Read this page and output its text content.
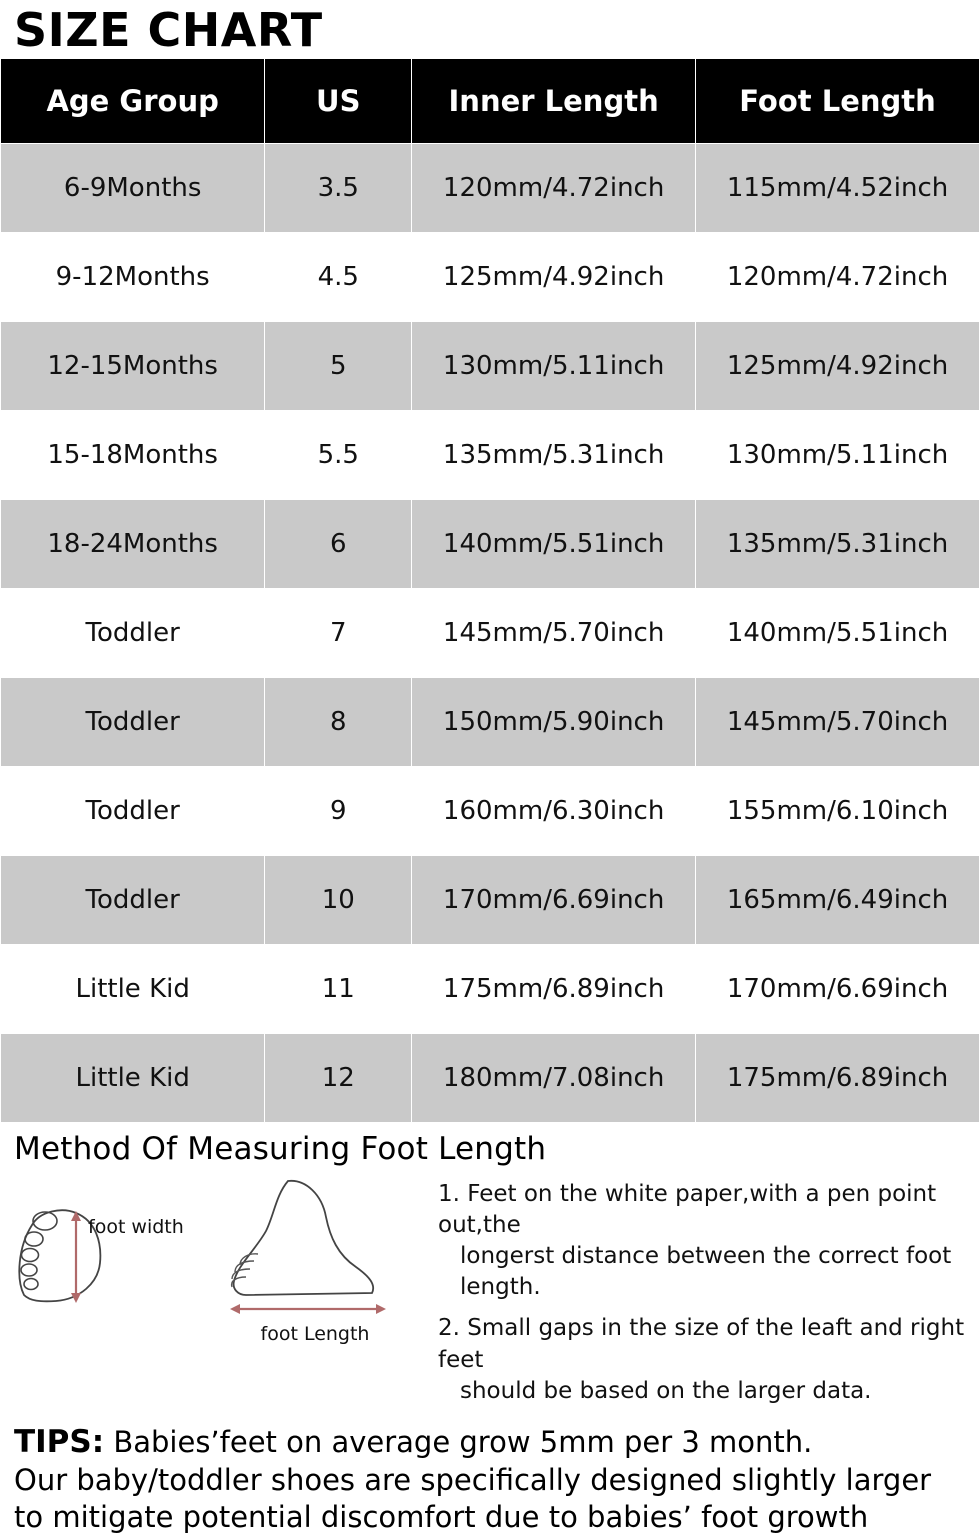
SIZE CHART
Age Group	US	Inner Length	Foot Length
6-9Months	3.5	120mm/4.72inch	115mm/4.52inch
9-12Months	4.5	125mm/4.92inch	120mm/4.72inch
12-15Months	5	130mm/5.11inch	125mm/4.92inch
15-18Months	5.5	135mm/5.31inch	130mm/5.11inch
18-24Months	6	140mm/5.51inch	135mm/5.31inch
Toddler	7	145mm/5.70inch	140mm/5.51inch
Toddler	8	150mm/5.90inch	145mm/5.70inch
Toddler	9	160mm/6.30inch	155mm/6.10inch
Toddler	10	170mm/6.69inch	165mm/6.49inch
Little Kid	11	175mm/6.89inch	170mm/6.69inch
Little Kid	12	180mm/7.08inch	175mm/6.89inch
Method Of Measuring Foot Length
foot width
foot Length

1. Feet on the white paper,with a pen point out,the
longerst distance between the correct foot length.

2. Small gaps in the size of the leaft and right feet
should be based on the larger data.

TIPS: Babies’feet on average grow 5mm per 3 month.
Our baby/toddler shoes are specifically designed slightly larger
to mitigate potential discomfort due to babies’ foot growth
